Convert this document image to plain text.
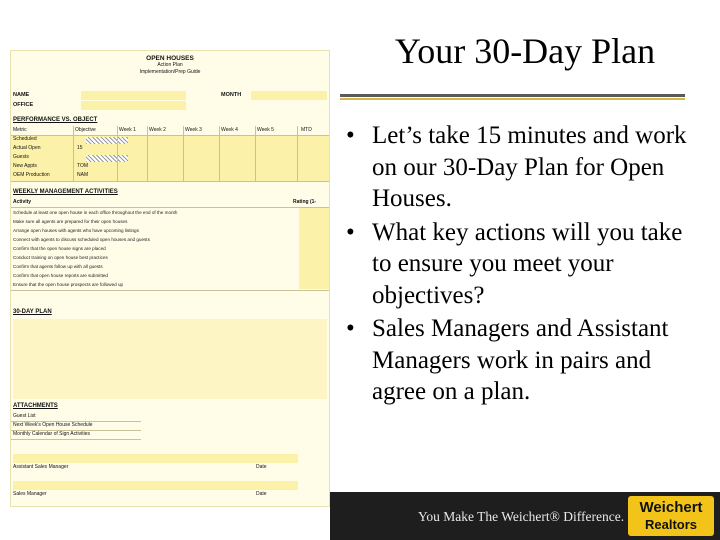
Your 30-Day Plan
• Let’s take 15 minutes and work on our 30-Day Plan for Open Houses.
• What key actions will you take to ensure you meet your objectives?
• Sales Managers and Assistant Managers work in pairs and agree on a plan.
OPEN HOUSES
Action Plan
Implementation/Prep Guide
NAME	MONTH
OFFICE
PERFORMANCE VS. OBJECT
Metric	Objective	Week 1	Week 2	Week 3	Week 4	Week 5	MTD
Scheduled
Actual Open	15
Guests
New Appts	TOM
OEM Production	NAM
WEEKLY MANAGEMENT ACTIVITIES
Activity	Rating (1-
Schedule at least one open house in each office throughout the end of the month
Make sure all agents are prepared for their open houses
Arrange open houses with agents who have upcoming listings
Connect with agents to discuss scheduled open houses and guests
Confirm that the open house signs are placed
Conduct training on open house best practices
Confirm that agents follow up with all guests
Confirm that open house reports are submitted
Ensure that the open house prospects are followed up
30-DAY PLAN
ATTACHMENTS
Guest List
Next Week's Open House Schedule
Monthly Calendar of Sign Activities
Assistant Sales Manager	Date
Sales Manager	Date
You Make The Weichert® Difference.
Weichert
Realtors
